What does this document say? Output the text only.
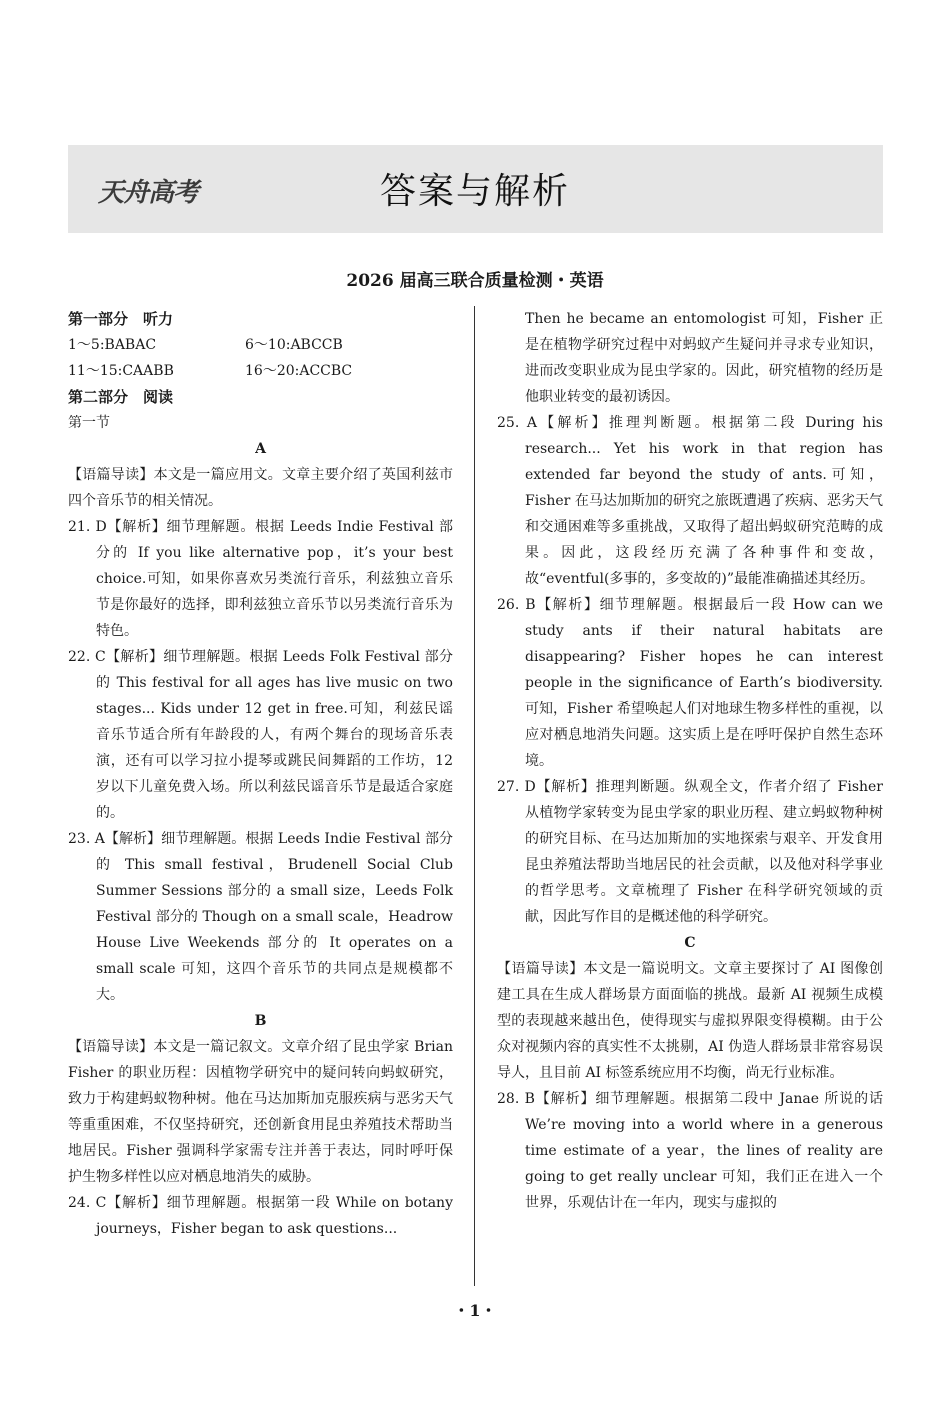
天舟高考	答案与解析
2026 届高三联合质量检测・英语
第一部分　听力
1～5:BABAC	6～10:ABCCB
11～15:CAABB	16～20:ACCBC
第二部分　阅读
第一节
A
【语篇导读】本文是一篇应用文。文章主要介绍了英国利兹市四个音乐节的相关情况。
21. D【解析】细节理解题。根据 Leeds Indie Festival 部分的 If you like alternative pop，it’s your best choice.可知，如果你喜欢另类流行音乐，利兹独立音乐节是你最好的选择，即利兹独立音乐节以另类流行音乐为特色。
22. C【解析】细节理解题。根据 Leeds Folk Festival 部分的 This festival for all ages has live music on two stages... Kids under 12 get in free.可知，利兹民谣音乐节适合所有年龄段的人，有两个舞台的现场音乐表演，还有可以学习拉小提琴或跳民间舞蹈的工作坊，12 岁以下儿童免费入场。所以利兹民谣音乐节是最适合家庭的。
23. A【解析】细节理解题。根据 Leeds Indie Festival 部分的 This small festival，Brudenell Social Club Summer Sessions 部分的 a small size，Leeds Folk Festival 部分的 Though on a small scale，Headrow House Live Weekends 部分的 It operates on a small scale 可知，这四个音乐节的共同点是规模都不大。
B
【语篇导读】本文是一篇记叙文。文章介绍了昆虫学家 Brian Fisher 的职业历程：因植物学研究中的疑问转向蚂蚁研究，致力于构建蚂蚁物种树。他在马达加斯加克服疾病与恶劣天气等重重困难，不仅坚持研究，还创新食用昆虫养殖技术帮助当地居民。Fisher 强调科学家需专注并善于表达，同时呼吁保护生物多样性以应对栖息地消失的威胁。
24. C【解析】细节理解题。根据第一段 While on botany journeys，Fisher began to ask questions...
Then he became an entomologist 可知，Fisher 正是在植物学研究过程中对蚂蚁产生疑问并寻求专业知识，进而改变职业成为昆虫学家的。因此，研究植物的经历是他职业转变的最初诱因。
25. A【解析】推理判断题。根据第二段 During his research... Yet his work in that region has extended far beyond the study of ants.可知，Fisher 在马达加斯加的研究之旅既遭遇了疾病、恶劣天气和交通困难等多重挑战，又取得了超出蚂蚁研究范畴的成果。因此，这段经历充满了各种事件和变故，故“eventful(多事的，多变故的)”最能准确描述其经历。
26. B【解析】细节理解题。根据最后一段 How can we study ants if their natural habitats are disappearing? Fisher hopes he can interest people in the significance of Earth’s biodiversity.可知，Fisher 希望唤起人们对地球生物多样性的重视，以应对栖息地消失问题。这实质上是在呼吁保护自然生态环境。
27. D【解析】推理判断题。纵观全文，作者介绍了 Fisher 从植物学家转变为昆虫学家的职业历程、建立蚂蚁物种树的研究目标、在马达加斯加的实地探索与艰辛、开发食用昆虫养殖法帮助当地居民的社会贡献，以及他对科学事业的哲学思考。文章梳理了 Fisher 在科学研究领域的贡献，因此写作目的是概述他的科学研究。
C
【语篇导读】本文是一篇说明文。文章主要探讨了 AI 图像创建工具在生成人群场景方面面临的挑战。最新 AI 视频生成模型的表现越来越出色，使得现实与虚拟界限变得模糊。由于公众对视频内容的真实性不太挑剔，AI 伪造人群场景非常容易误导人，且目前 AI 标签系统应用不均衡，尚无行业标准。
28. B【解析】细节理解题。根据第二段中 Janae 所说的话 We’re moving into a world where in a generous time estimate of a year，the lines of reality are going to get really unclear 可知，我们正在进入一个世界，乐观估计在一年内，现实与虚拟的
・1・
